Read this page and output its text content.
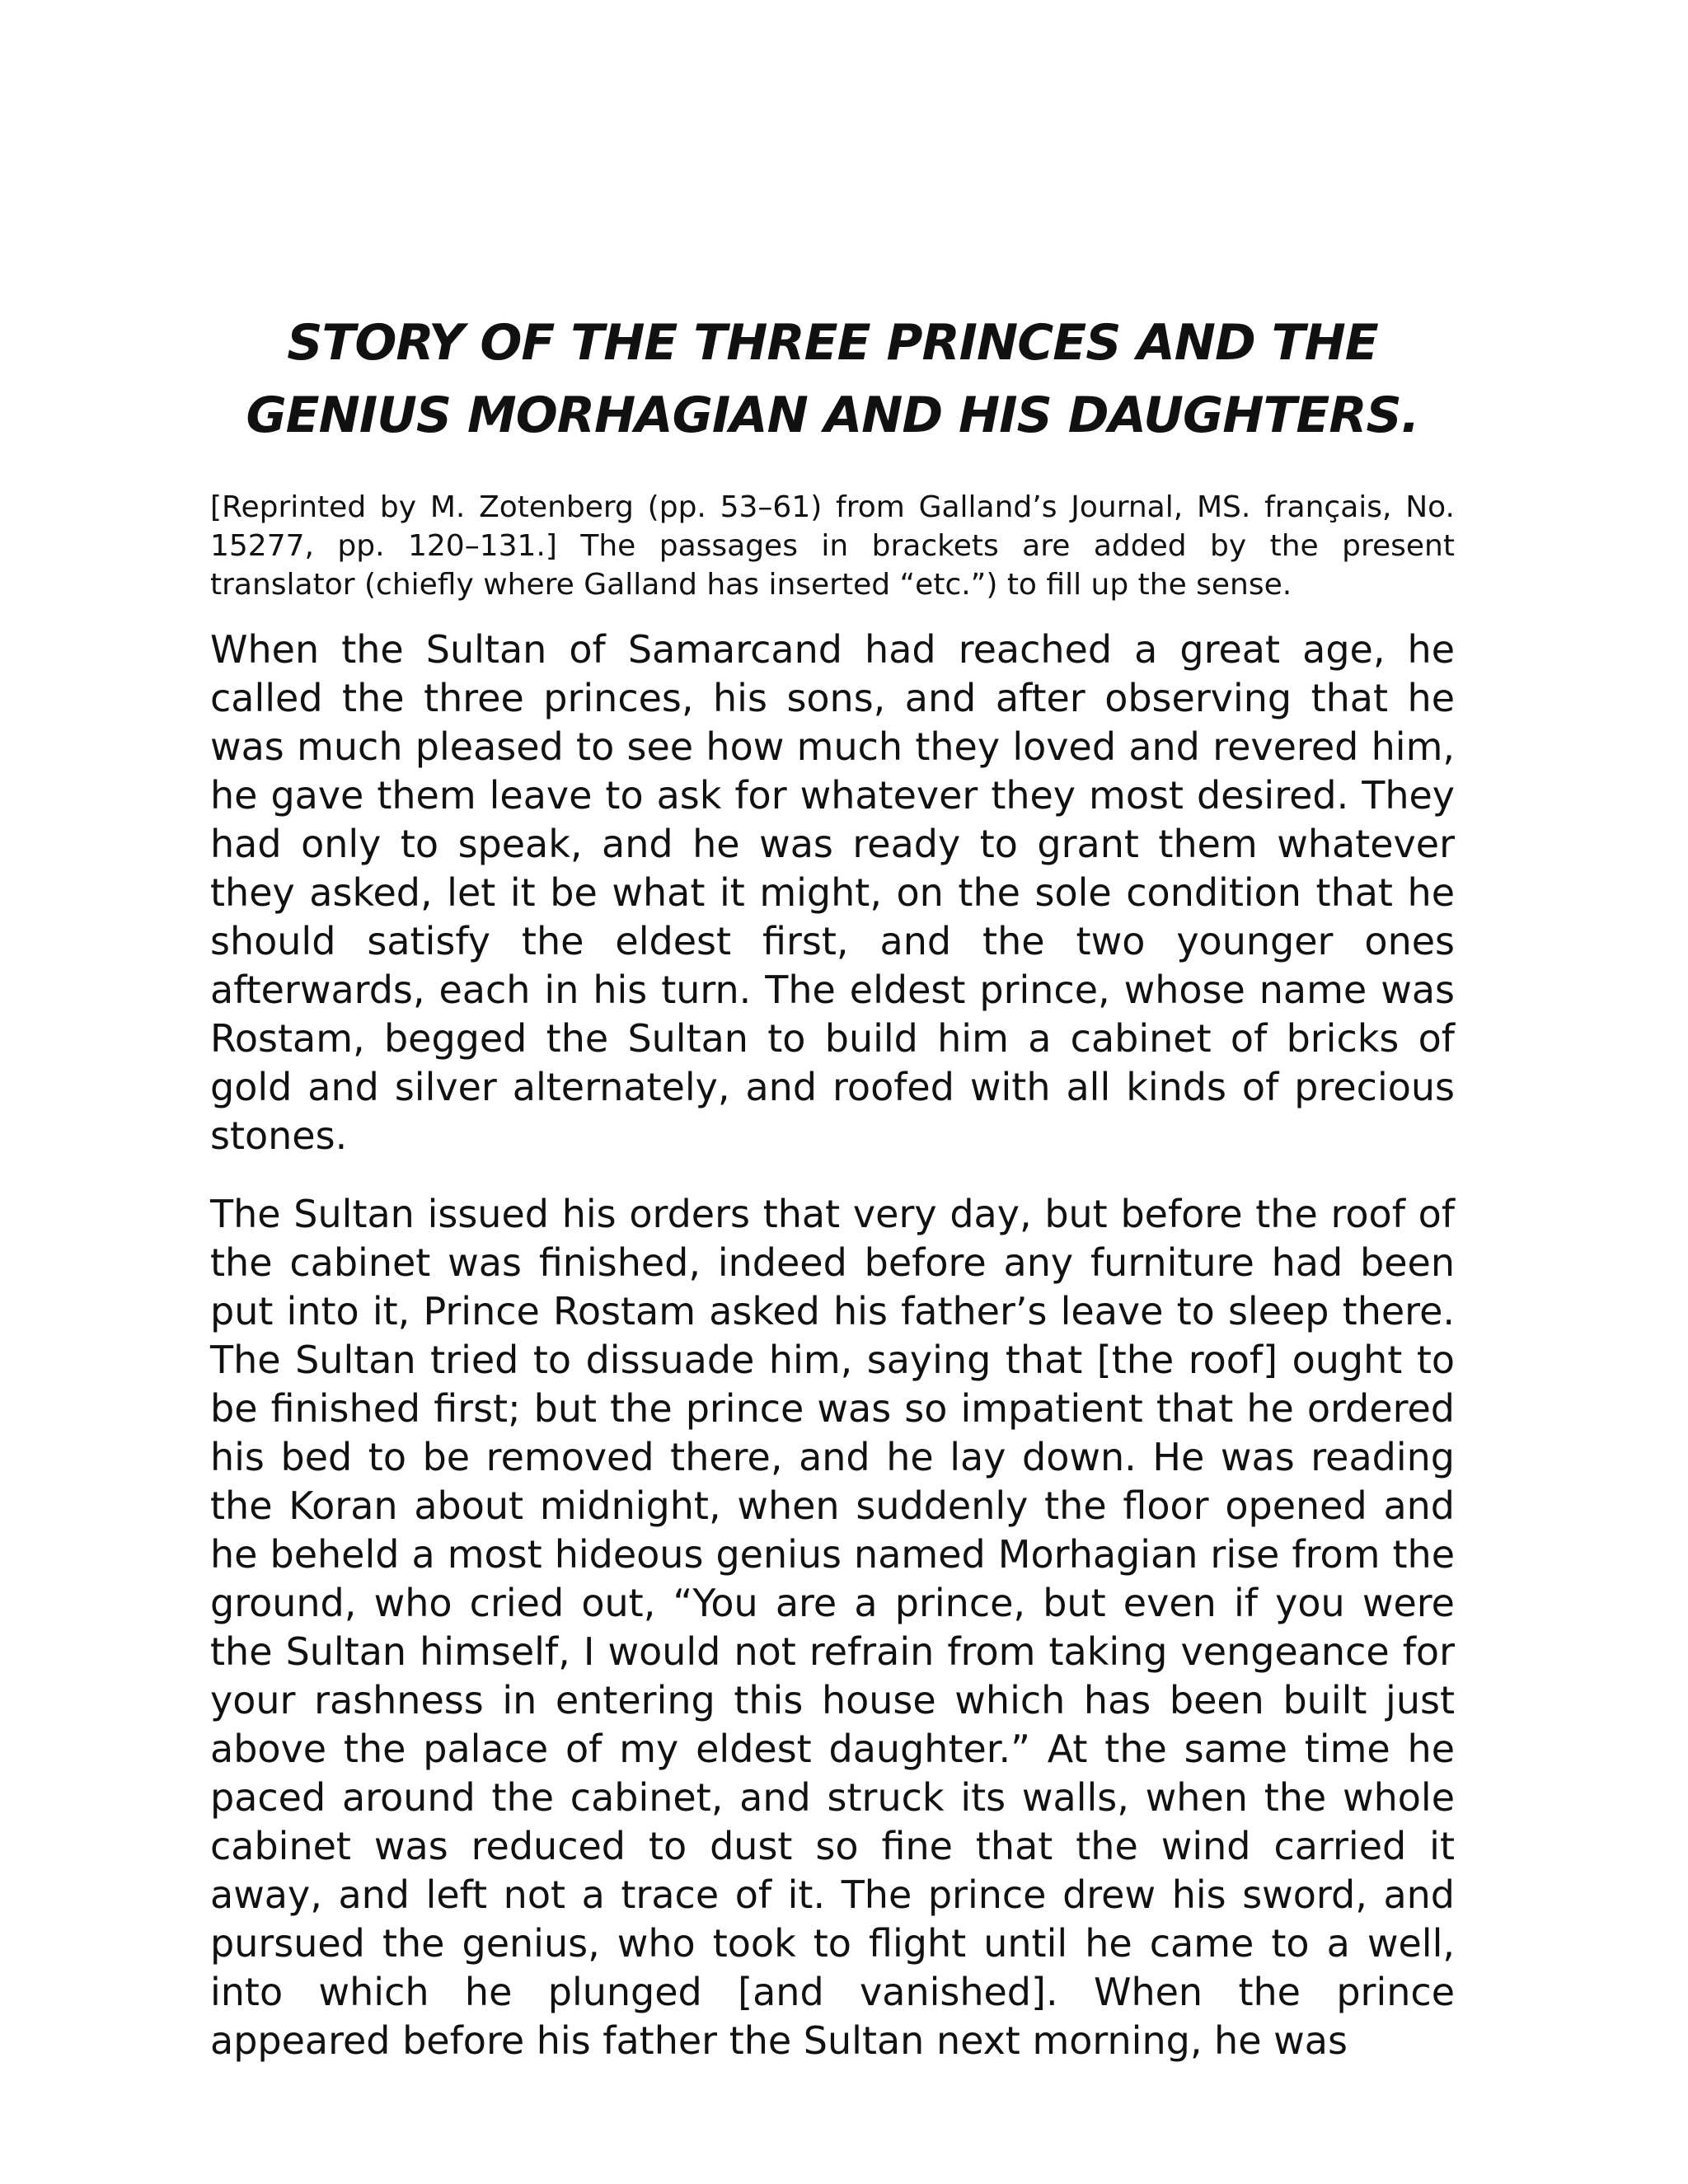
STORY OF THE THREE PRINCES AND THE
GENIUS MORHAGIAN AND HIS DAUGHTERS.

[Reprinted by M. Zotenberg (pp. 53–61) from Galland’s Journal, MS. français, No. 15277, pp. 120–131.] The passages in brackets are added by the present translator (chiefly where Galland has inserted “etc.”) to fill up the sense.

When the Sultan of Samarcand had reached a great age, he called the three princes, his sons, and after observing that he was much pleased to see how much they loved and revered him, he gave them leave to ask for whatever they most desired. They had only to speak, and he was ready to grant them whatever they asked, let it be what it might, on the sole condition that he should satisfy the eldest first, and the two younger ones afterwards, each in his turn. The eldest prince, whose name was Rostam, begged the Sultan to build him a cabinet of bricks of gold and silver alternately, and roofed with all kinds of precious stones.

The Sultan issued his orders that very day, but before the roof of the cabinet was finished, indeed before any furniture had been put into it, Prince Rostam asked his father’s leave to sleep there. The Sultan tried to dissuade him, saying that [the roof] ought to be finished first; but the prince was so impatient that he ordered his bed to be removed there, and he lay down. He was reading the Koran about midnight, when suddenly the floor opened and he beheld a most hideous genius named Morhagian rise from the ground, who cried out, “You are a prince, but even if you were the Sultan himself, I would not refrain from taking vengeance for your rashness in entering this house which has been built just above the palace of my eldest daughter.” At the same time he paced around the cabinet, and struck its walls, when the whole cabinet was reduced to dust so fine that the wind carried it away, and left not a trace of it. The prince drew his sword, and pursued the genius, who took to flight until he came to a well, into which he plunged [and vanished]. When the prince appeared before his father the Sultan next morning, he was
